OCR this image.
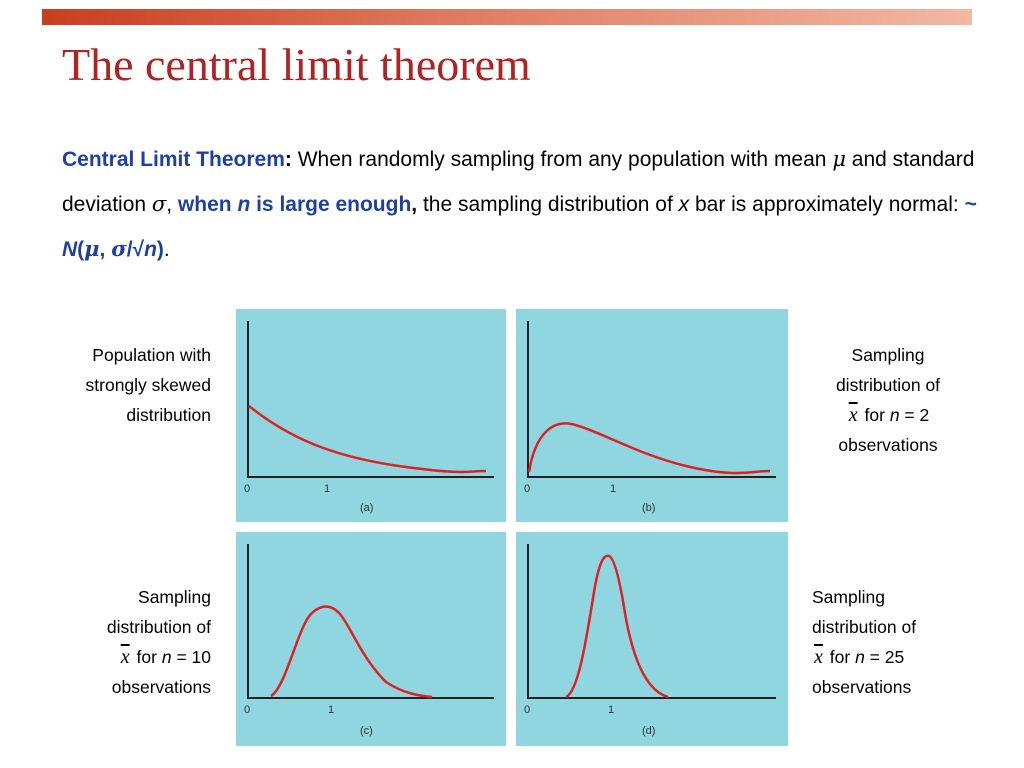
The central limit theorem
Central Limit Theorem: When randomly sampling from any population with mean μ and standard deviation σ, when n is large enough, the sampling distribution of x bar is approximately normal: ~ N(μ, σ/√n).
Population with
strongly skewed
distribution
Sampling
distribution of
$\overline{x}$ for n = 2
observations
Sampling
distribution of
$\overline{x}$ for n = 10
observations
Sampling
distribution of
$\overline{x}$ for n = 25
observations
0	1
(a)
0	1
(b)
0	1
(c)
0	1
(d)
